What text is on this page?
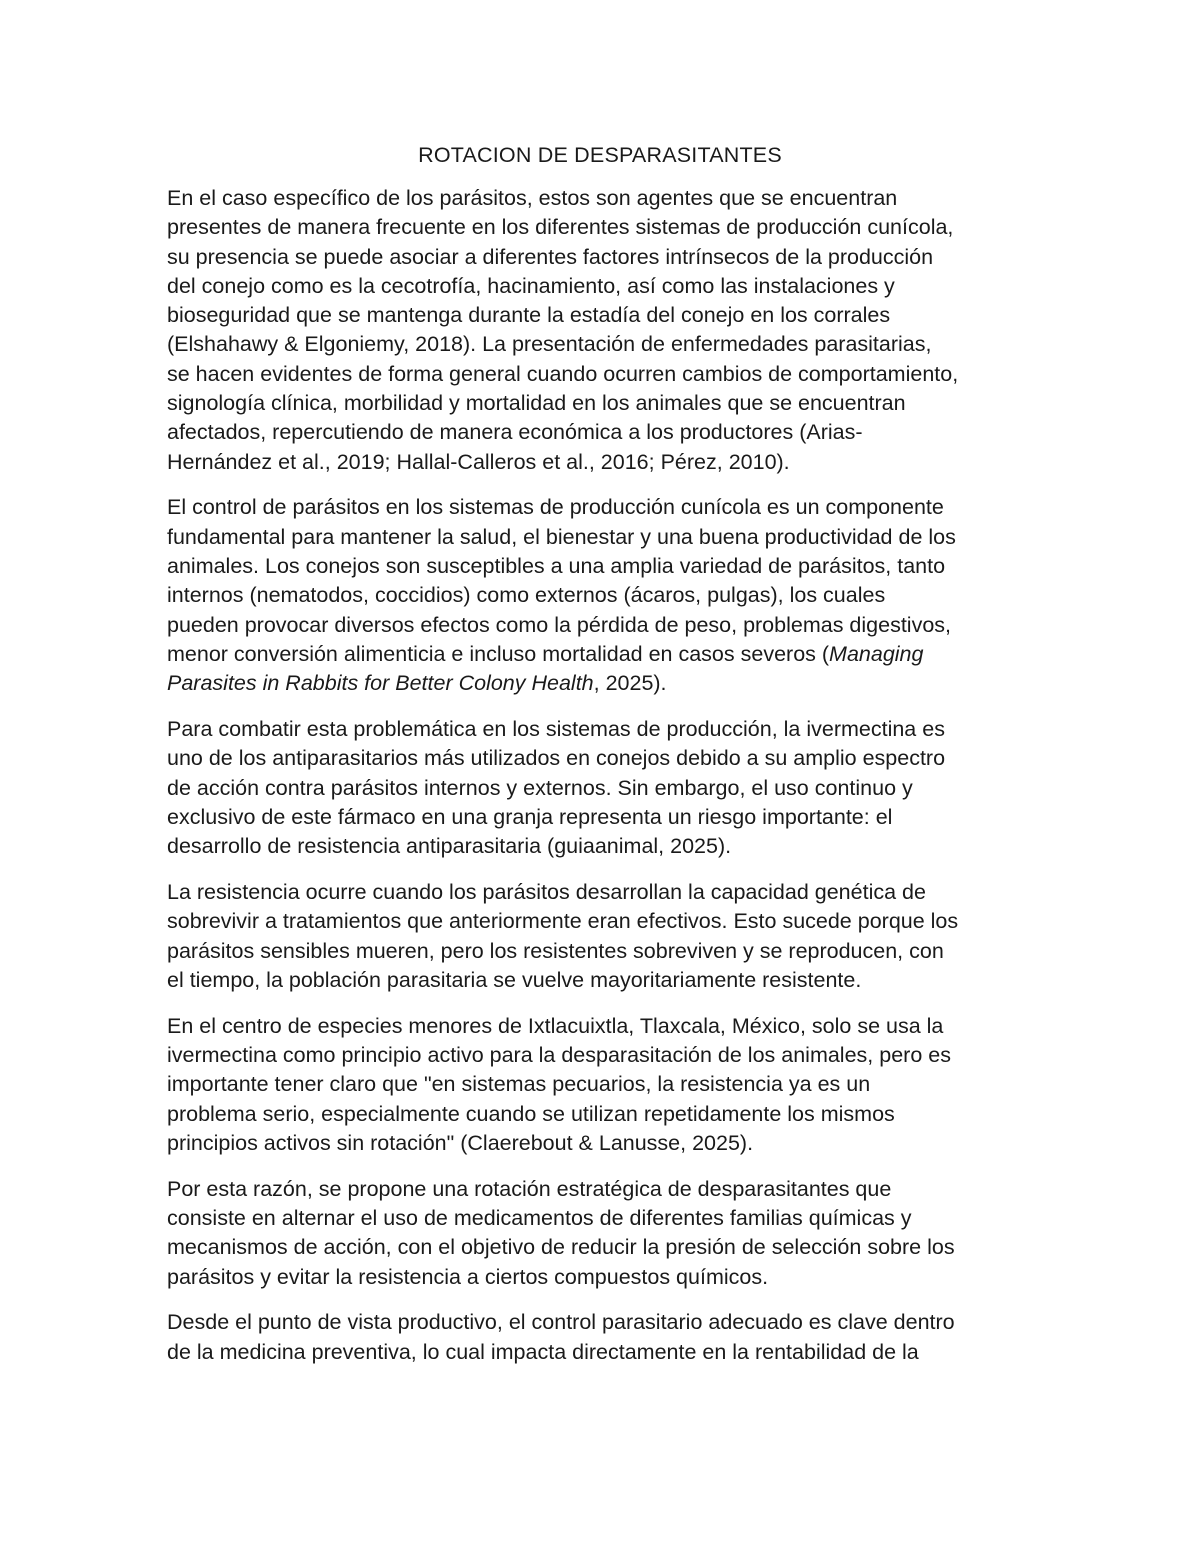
ROTACION DE DESPARASITANTES

En el caso específico de los parásitos, estos son agentes que se encuentran
presentes de manera frecuente en los diferentes sistemas de producción cunícola,
su presencia se puede asociar a diferentes factores intrínsecos de la producción
del conejo como es la cecotrofía, hacinamiento, así como las instalaciones y
bioseguridad que se mantenga durante la estadía del conejo en los corrales
(Elshahawy & Elgoniemy, 2018). La presentación de enfermedades parasitarias,
se hacen evidentes de forma general cuando ocurren cambios de comportamiento,
signología clínica, morbilidad y mortalidad en los animales que se encuentran
afectados, repercutiendo de manera económica a los productores (Arias-
Hernández et al., 2019; Hallal-Calleros et al., 2016; Pérez, 2010).

El control de parásitos en los sistemas de producción cunícola es un componente
fundamental para mantener la salud, el bienestar y una buena productividad de los
animales. Los conejos son susceptibles a una amplia variedad de parásitos, tanto
internos (nematodos, coccidios) como externos (ácaros, pulgas), los cuales
pueden provocar diversos efectos como la pérdida de peso, problemas digestivos,
menor conversión alimenticia e incluso mortalidad en casos severos (Managing
Parasites in Rabbits for Better Colony Health, 2025).

Para combatir esta problemática en los sistemas de producción, la ivermectina es
uno de los antiparasitarios más utilizados en conejos debido a su amplio espectro
de acción contra parásitos internos y externos. Sin embargo, el uso continuo y
exclusivo de este fármaco en una granja representa un riesgo importante: el
desarrollo de resistencia antiparasitaria (guiaanimal, 2025).

La resistencia ocurre cuando los parásitos desarrollan la capacidad genética de
sobrevivir a tratamientos que anteriormente eran efectivos. Esto sucede porque los
parásitos sensibles mueren, pero los resistentes sobreviven y se reproducen, con
el tiempo, la población parasitaria se vuelve mayoritariamente resistente.

En el centro de especies menores de Ixtlacuixtla, Tlaxcala, México, solo se usa la
ivermectina como principio activo para la desparasitación de los animales, pero es
importante tener claro que "en sistemas pecuarios, la resistencia ya es un
problema serio, especialmente cuando se utilizan repetidamente los mismos
principios activos sin rotación" (Claerebout & Lanusse, 2025).

Por esta razón, se propone una rotación estratégica de desparasitantes que
consiste en alternar el uso de medicamentos de diferentes familias químicas y
mecanismos de acción, con el objetivo de reducir la presión de selección sobre los
parásitos y evitar la resistencia a ciertos compuestos químicos.

Desde el punto de vista productivo, el control parasitario adecuado es clave dentro
de la medicina preventiva, lo cual impacta directamente en la rentabilidad de la
